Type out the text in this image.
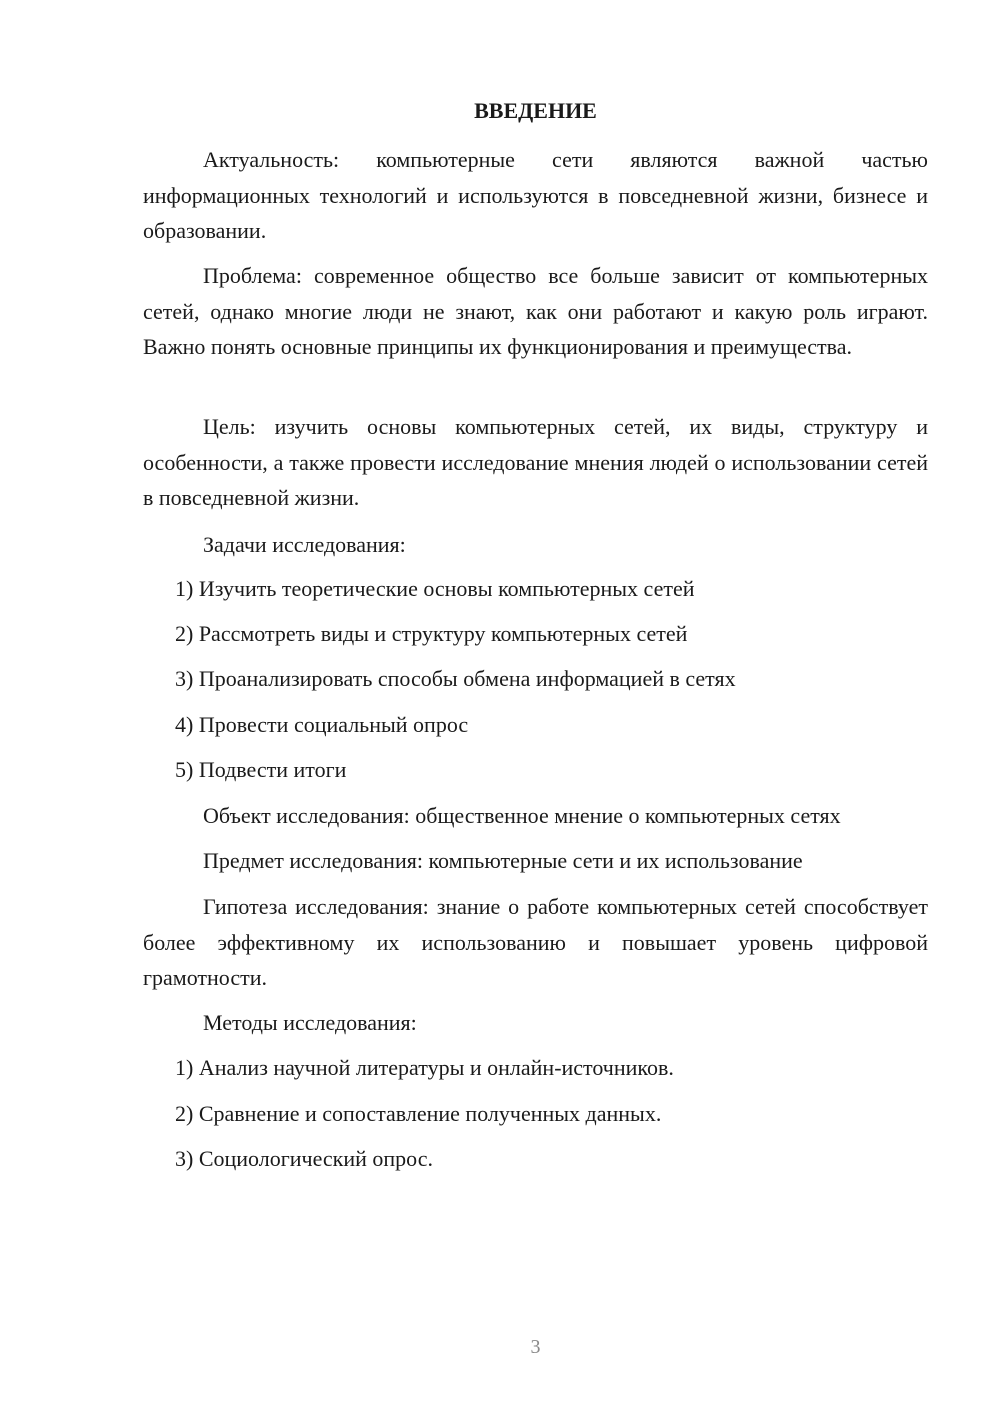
ВВЕДЕНИЕ

Актуальность: компьютерные сети являются важной частью информационных технологий и используются в повседневной жизни, бизнесе и образовании.

Проблема: современное общество все больше зависит от компьютерных сетей, однако многие люди не знают, как они работают и какую роль играют. Важно понять основные принципы их функционирования и преимущества.

Цель: изучить основы компьютерных сетей, их виды, структуру и особенности, а также провести исследование мнения людей о использовании сетей в повседневной жизни.

Задачи исследования:

1) Изучить теоретические основы компьютерных сетей

2) Рассмотреть виды и структуру компьютерных сетей

3) Проанализировать способы обмена информацией в сетях

4) Провести социальный опрос

5) Подвести итоги

Объект исследования: общественное мнение о компьютерных сетях

Предмет исследования: компьютерные сети и их использование

Гипотеза исследования: знание о работе компьютерных сетей способствует более эффективному их использованию и повышает уровень цифровой грамотности.

Методы исследования:

1) Анализ научной литературы и онлайн-источников.

2) Сравнение и сопоставление полученных данных.

3) Социологический опрос.

3
